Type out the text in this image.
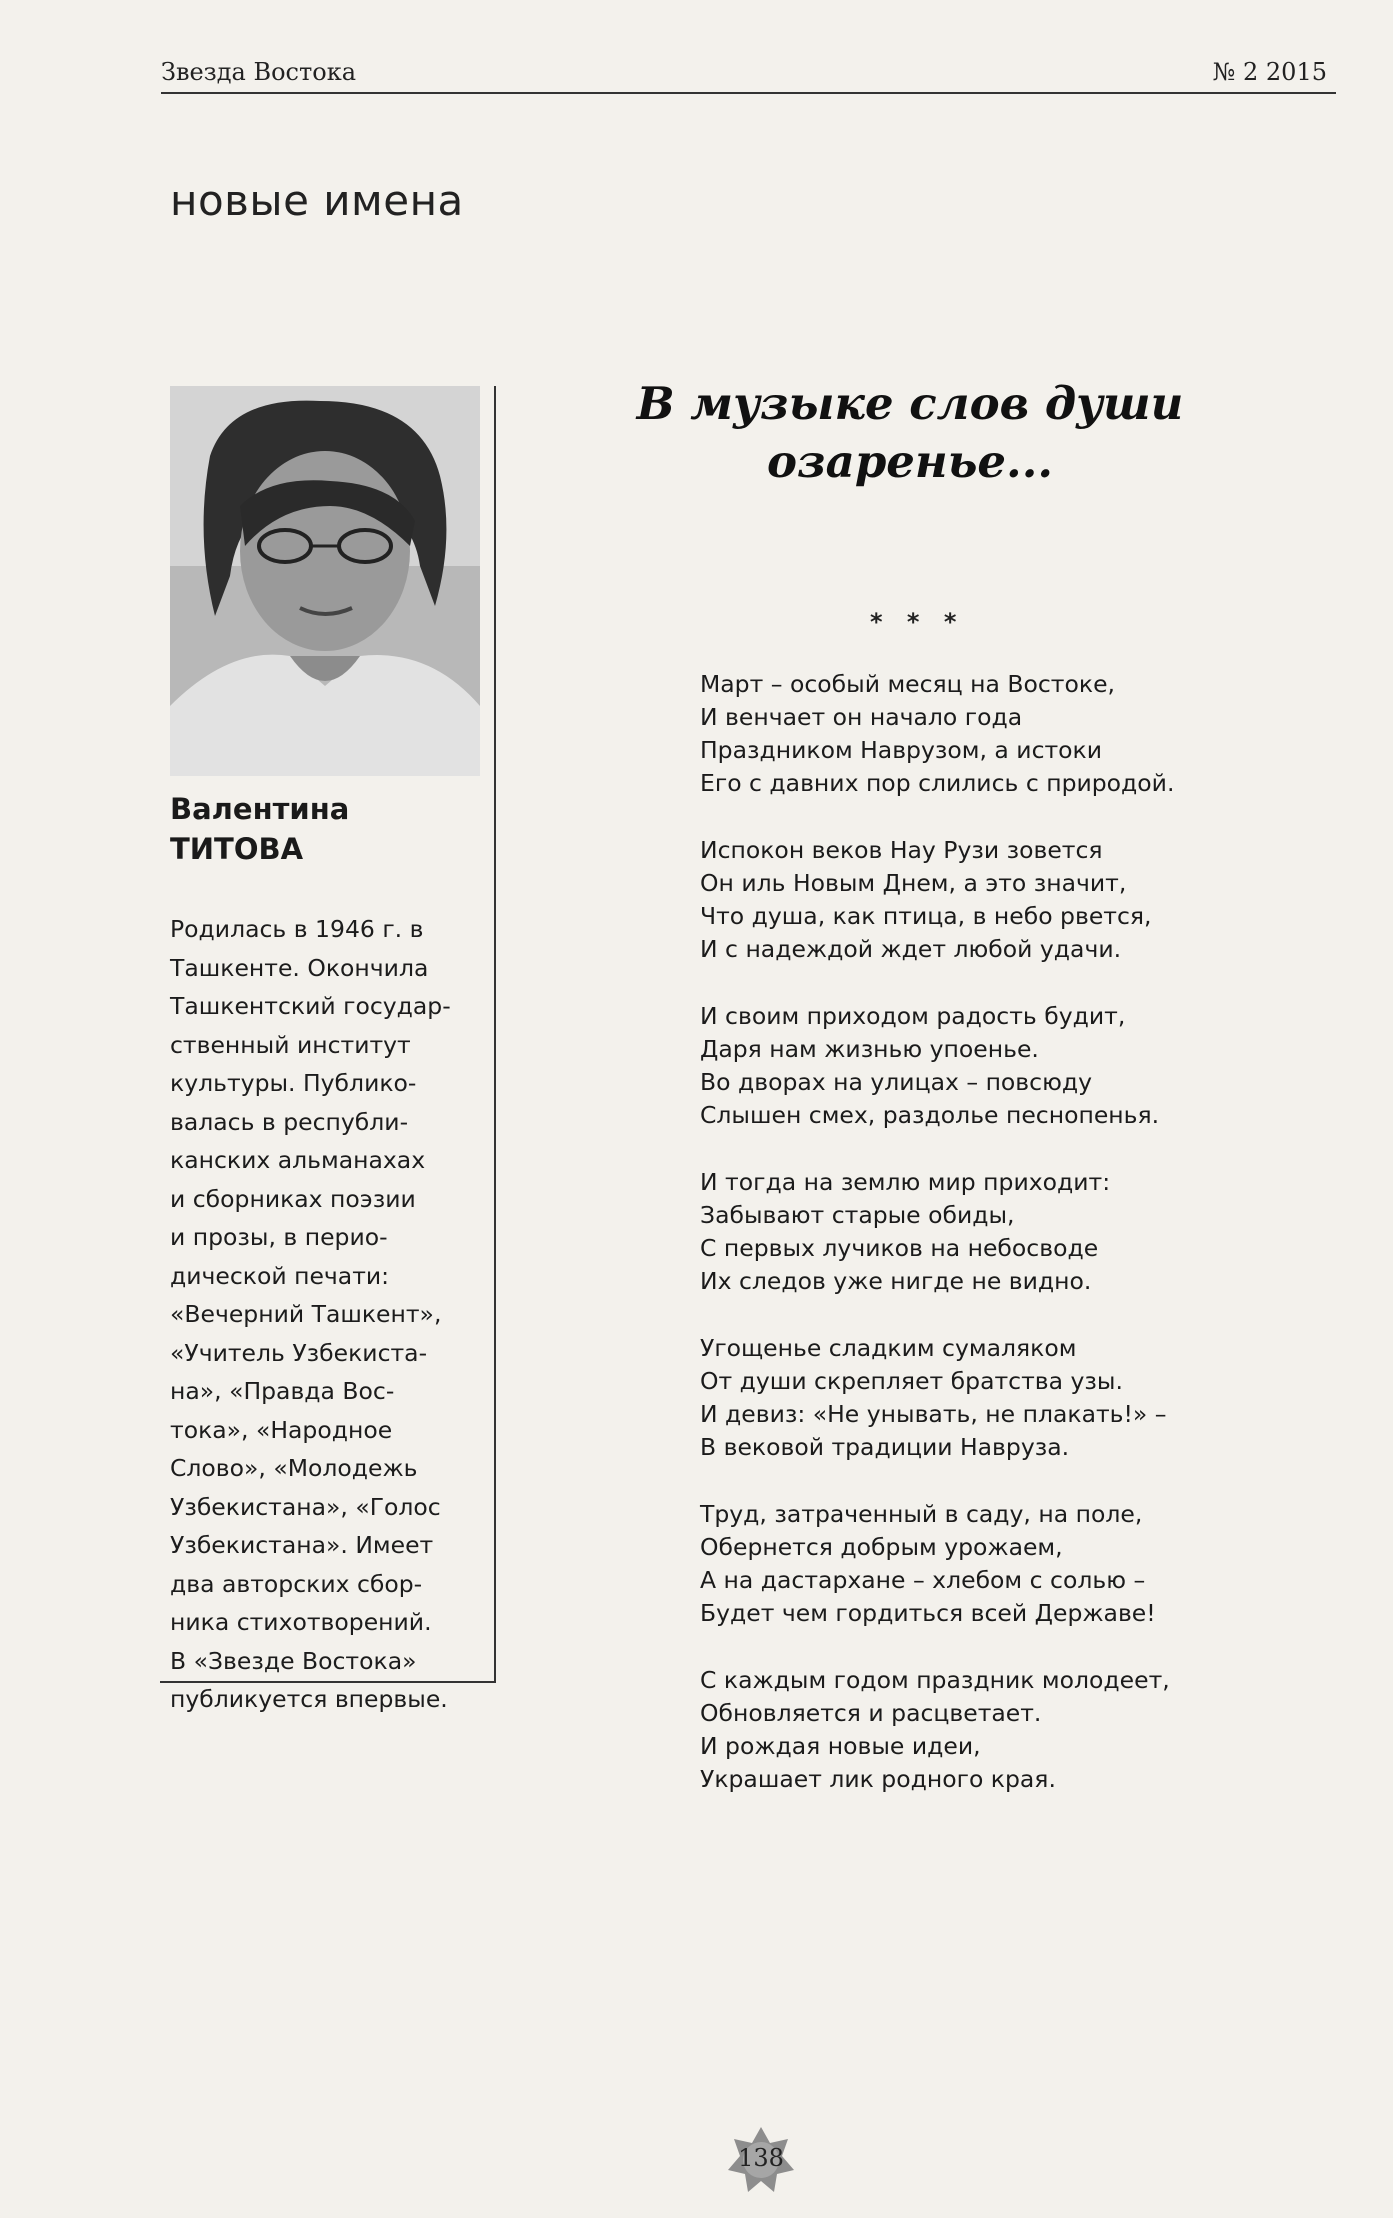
Звезда Востока	№ 2 2015
новые имена
Валентина
ТИТОВА
Родилась в 1946 г. в
Ташкенте. Окончила
Ташкентский государ-
ственный институт
культуры. Публико-
валась в республи-
канских альманахах
и сборниках поэзии
и прозы, в перио-
дической печати:
«Вечерний Ташкент»,
«Учитель Узбекиста-
на», «Правда Вос-
тока», «Народное
Слово», «Молодежь
Узбекистана», «Голос
Узбекистана». Имеет
два авторских сбор-
ника стихотворений.
В «Звезде Востока»
публикуется впервые.
В музыке слов души
озаренье...
* * *
Март – особый месяц на Востоке,
И венчает он начало года
Праздником Наврузом, а истоки
Его с давних пор слились с природой.
Испокон веков Нау Рузи зовется
Он иль Новым Днем, а это значит,
Что душа, как птица, в небо рвется,
И с надеждой ждет любой удачи.
И своим приходом радость будит,
Даря нам жизнью упоенье.
Во дворах на улицах – повсюду
Слышен смех, раздолье песнопенья.
И тогда на землю мир приходит:
Забывают старые обиды,
С первых лучиков на небосводе
Их следов уже нигде не видно.
Угощенье сладким сумаляком
От души скрепляет братства узы.
И девиз: «Не унывать, не плакать!» –
В вековой традиции Навруза.
Труд, затраченный в саду, на поле,
Обернется добрым урожаем,
А на дастархане – хлебом с солью –
Будет чем гордиться всей Державе!
С каждым годом праздник молодеет,
Обновляется и расцветает.
И рождая новые идеи,
Украшает лик родного края.
138
